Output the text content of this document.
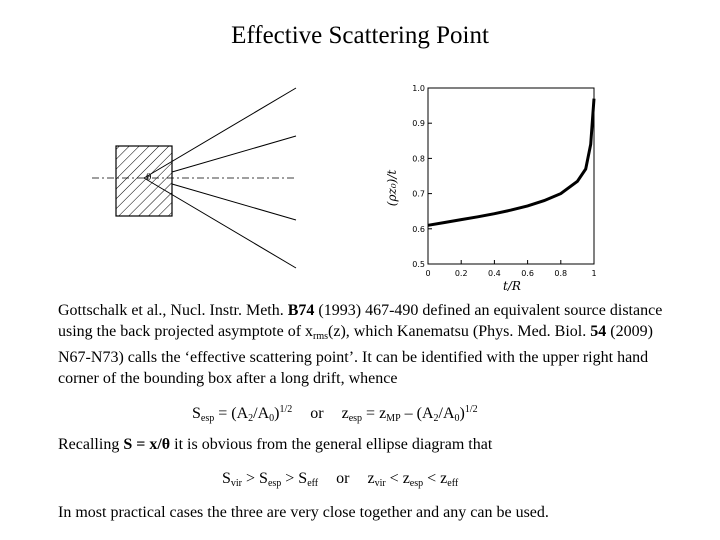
Effective Scattering Point
θ
0.5
0.6
0.7
0.8
0.9
1.0
0	0.2	0.4	0.6	0.8	1
(ρz₀)/t
t/R
Gottschalk et al., Nucl. Instr. Meth. B74 (1993) 467-490 defined an equivalent source distance using the back projected asymptote of $x_{rms}(z)$, which Kanematsu (Phys. Med. Biol. 54 (2009) N67-N73) calls the ‘effective scattering point’. It can be identified with the upper right hand corner of the bounding box after a long drift, whence
$S_{esp} = (A_2/A_0)^{1/2}$ or $z_{esp} = z_{MP} - (A_2/A_0)^{1/2}$
Recalling S = x/θ it is obvious from the general ellipse diagram that
$S_{vir} > S_{esp} > S_{eff}$ or $z_{vir} < z_{esp} < z_{eff}$
In most practical cases the three are very close together and any can be used.
